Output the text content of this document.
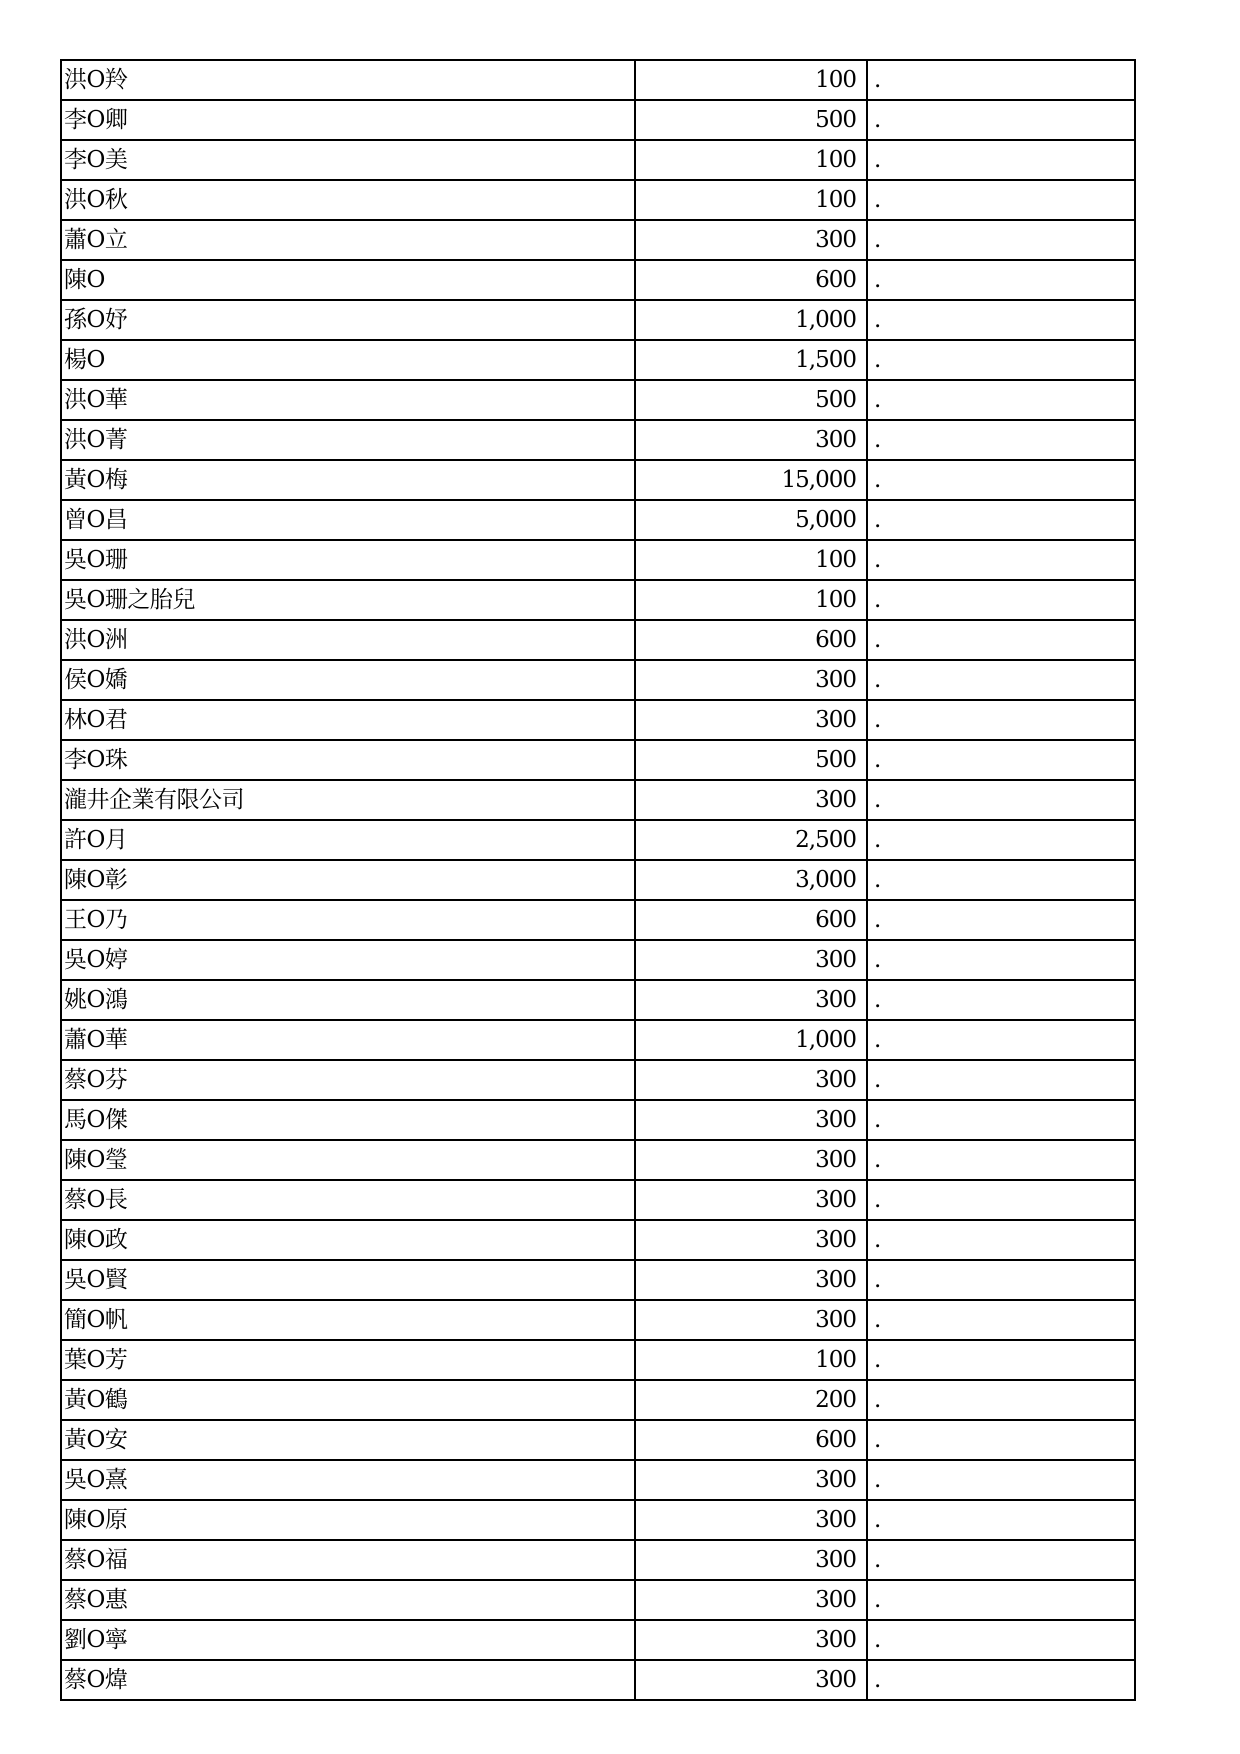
洪O羚	100	.
李O卿	500	.
李O美	100	.
洪O秋	100	.
蕭O立	300	.
陳O	600	.
孫O妤	1,000	.
楊O	1,500	.
洪O華	500	.
洪O菁	300	.
黃O梅	15,000	.
曾O昌	5,000	.
吳O珊	100	.
吳O珊之胎兒	100	.
洪O洲	600	.
侯O嬌	300	.
林O君	300	.
李O珠	500	.
瀧井企業有限公司	300	.
許O月	2,500	.
陳O彰	3,000	.
王O乃	600	.
吳O婷	300	.
姚O鴻	300	.
蕭O華	1,000	.
蔡O芬	300	.
馬O傑	300	.
陳O瑩	300	.
蔡O長	300	.
陳O政	300	.
吳O賢	300	.
簡O帆	300	.
葉O芳	100	.
黃O鶴	200	.
黃O安	600	.
吳O熹	300	.
陳O原	300	.
蔡O福	300	.
蔡O惠	300	.
劉O寧	300	.
蔡O煒	300	.
